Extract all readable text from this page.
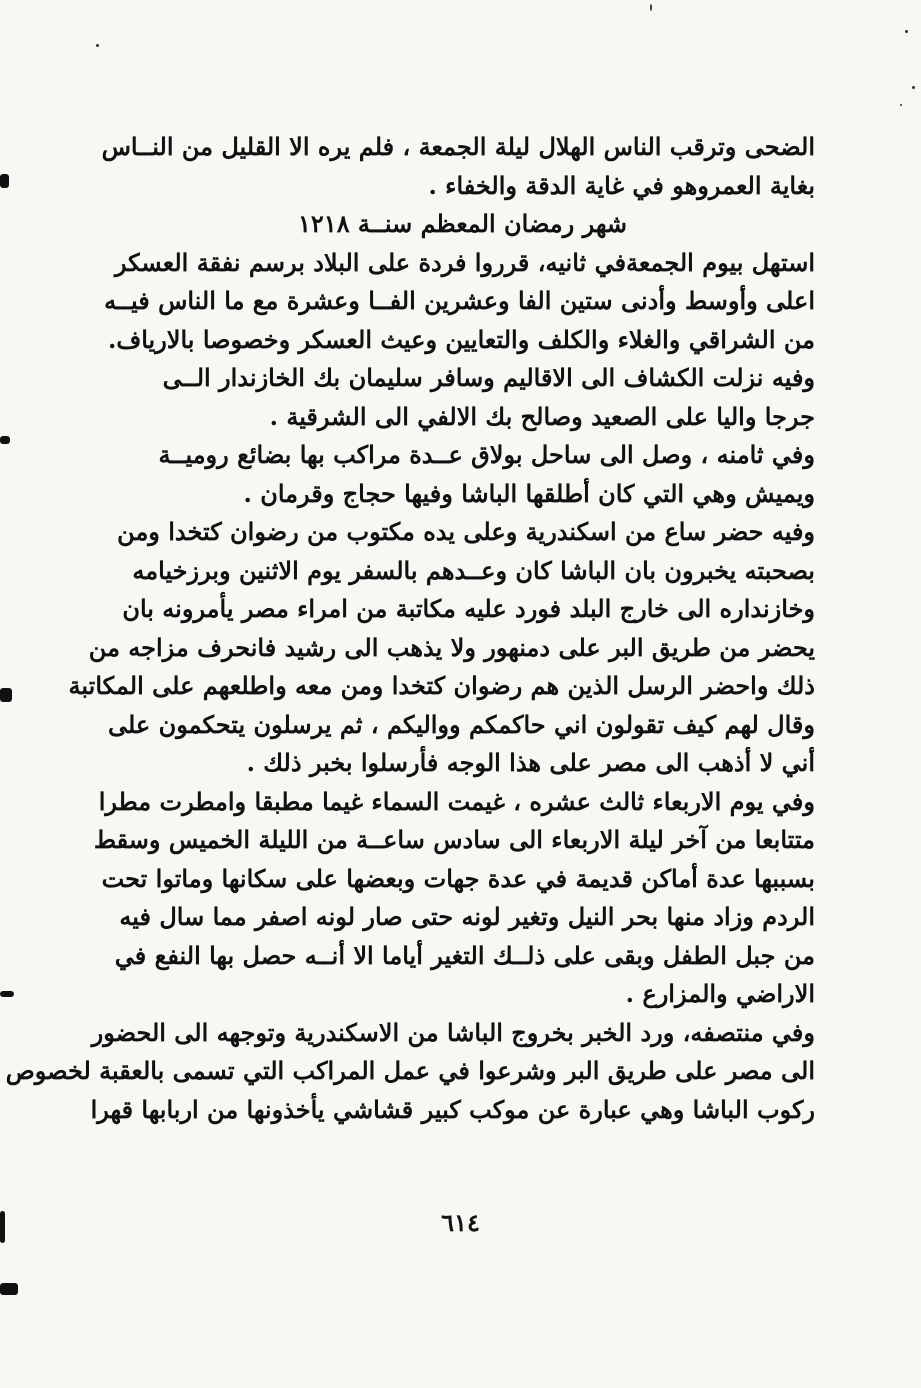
الضحى وترقب الناس الهلال ليلة الجمعة ، فلم يره الا القليل من النــاس
بغاية العمروهو في غاية الدقة والخفاء .
شهر رمضان المعظم سنــة ١٢١٨
استهل بيوم الجمعةفي ثانيه، قرروا فردة على البلاد برسم نفقة العسكر
اعلى وأوسط وأدنى ستين الفا وعشرين الفــا وعشرة مع ما الناس فيــه
من الشراقي والغلاء والكلف والتعايين وعيث العسكر وخصوصا بالارياف.
وفيه نزلت الكشاف الى الاقاليم وسافر سليمان بك الخازندار الــى
جرجا واليا على الصعيد وصالح بك الالفي الى الشرقية .
وفي ثامنه ، وصل الى ساحل بولاق عــدة مراكب بها بضائع روميــة
ويميش وهي التي كان أطلقها الباشا وفيها حجاج وقرمان .
وفيه حضر ساع من اسكندرية وعلى يده مكتوب من رضوان كتخدا ومن
بصحبته يخبرون بان الباشا كان وعــدهم بالسفر يوم الاثنين وبرزخيامه
وخازنداره الى خارج البلد فورد عليه مكاتبة من امراء مصر يأمرونه بان
يحضر من طريق البر على دمنهور ولا يذهب الى رشيد فانحرف مزاجه من
ذلك واحضر الرسل الذين هم رضوان كتخدا ومن معه واطلعهم على المكاتبة
وقال لهم كيف تقولون اني حاكمكم وواليكم ، ثم يرسلون يتحكمون على
أني لا أذهب الى مصر على هذا الوجه فأرسلوا بخبر ذلك .
وفي يوم الاربعاء ثالث عشره ، غيمت السماء غيما مطبقا وامطرت مطرا
متتابعا من آخر ليلة الاربعاء الى سادس ساعــة من الليلة الخميس وسقط
بسببها عدة أماكن قديمة في عدة جهات وبعضها على سكانها وماتوا تحت
الردم وزاد منها بحر النيل وتغير لونه حتى صار لونه اصفر مما سال فيه
من جبل الطفل وبقى على ذلــك التغير أياما الا أنــه حصل بها النفع في
الاراضي والمزارع .
وفي منتصفه، ورد الخبر بخروج الباشا من الاسكندرية وتوجهه الى الحضور
الى مصر على طريق البر وشرعوا في عمل المراكب التي تسمى بالعقبة لخصوص
ركوب الباشا وهي عبارة عن موكب كبير قشاشي يأخذونها من اربابها قهرا
٦١٤
